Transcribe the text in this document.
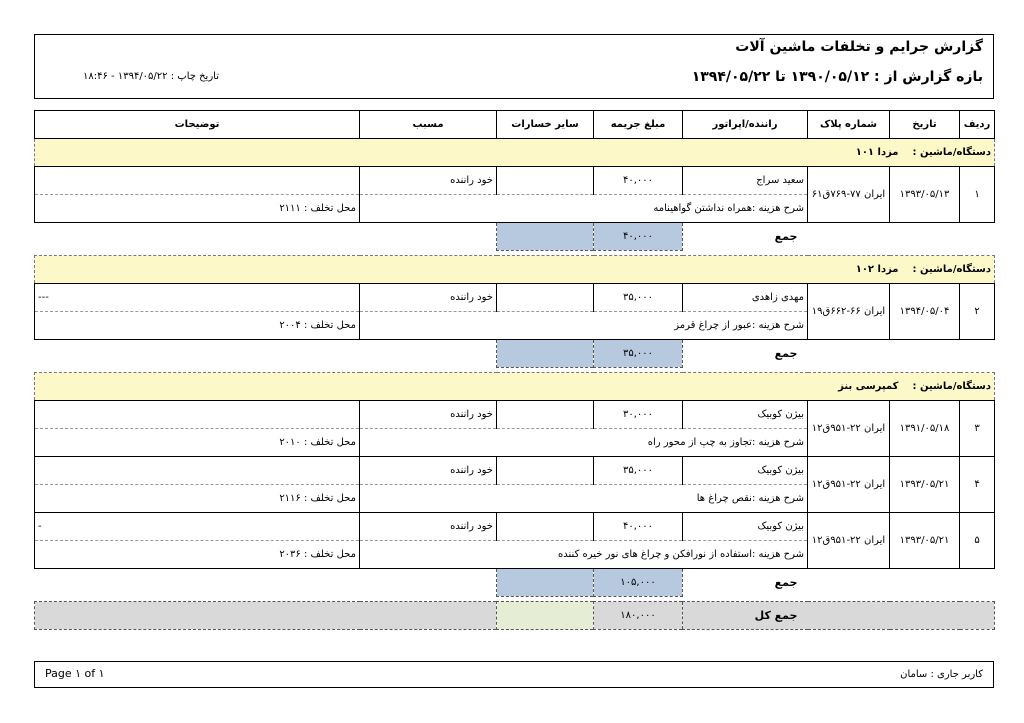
گزارش جرایم و تخلفات ماشین آلات
بازه گزارش از : ۱۳۹۰/۰۵/۱۲ تا ۱۳۹۴/۰۵/۲۲
تاریخ چاپ : ۱۳۹۴/۰۵/۲۲ - ۱۸:۴۶
ردیف	تاریخ	شماره پلاک	راننده/اپراتور	مبلغ جریمه	سایر خسارات	مسبب	توضیحات
دستگاه/ماشین :مزدا ۱۰۱							
۱	۱۳۹۳/۰۵/۱۳	ایران ۷۷-۷۶۹ق۶۱	سعید سراج	۴۰,۰۰۰		خود راننده	
			شرح هزینه :همراه نداشتن گواهینامه				محل تخلف : ۲۱۱۱
			جمع	۴۰,۰۰۰			

دستگاه/ماشین :مزدا ۱۰۲							
۲	۱۳۹۴/۰۵/۰۴	ایران ۶۶-۶۶۲ق۱۹	مهدی زاهدی	۳۵,۰۰۰		خود راننده	---
			شرح هزینه :عبور از چراغ قرمز				محل تخلف : ۲۰۰۴
			جمع	۳۵,۰۰۰			

دستگاه/ماشین :کمپرسی بنز							
۳	۱۳۹۱/۰۵/۱۸	ایران ۲۲-۹۵۱ق۱۲	بیژن کوبیک	۳۰,۰۰۰		خود راننده	
			شرح هزینه :تجاوز به چپ از محور راه				محل تخلف : ۲۰۱۰
۴	۱۳۹۳/۰۵/۲۱	ایران ۲۲-۹۵۱ق۱۲	بیژن کوبیک	۳۵,۰۰۰		خود راننده	
			شرح هزینه :نقص چراغ ها				محل تخلف : ۲۱۱۶
۵	۱۳۹۳/۰۵/۲۱	ایران ۲۲-۹۵۱ق۱۲	بیژن کوبیک	۴۰,۰۰۰		خود راننده	-
			شرح هزینه :استفاده از نورافکن و چراغ های نور خیره کننده				محل تخلف : ۲۰۳۶
			جمع	۱۰۵,۰۰۰			

			جمع کل	۱۸۰,۰۰۰			
Page ۱ of ۱	کاربر جاری : سامان
